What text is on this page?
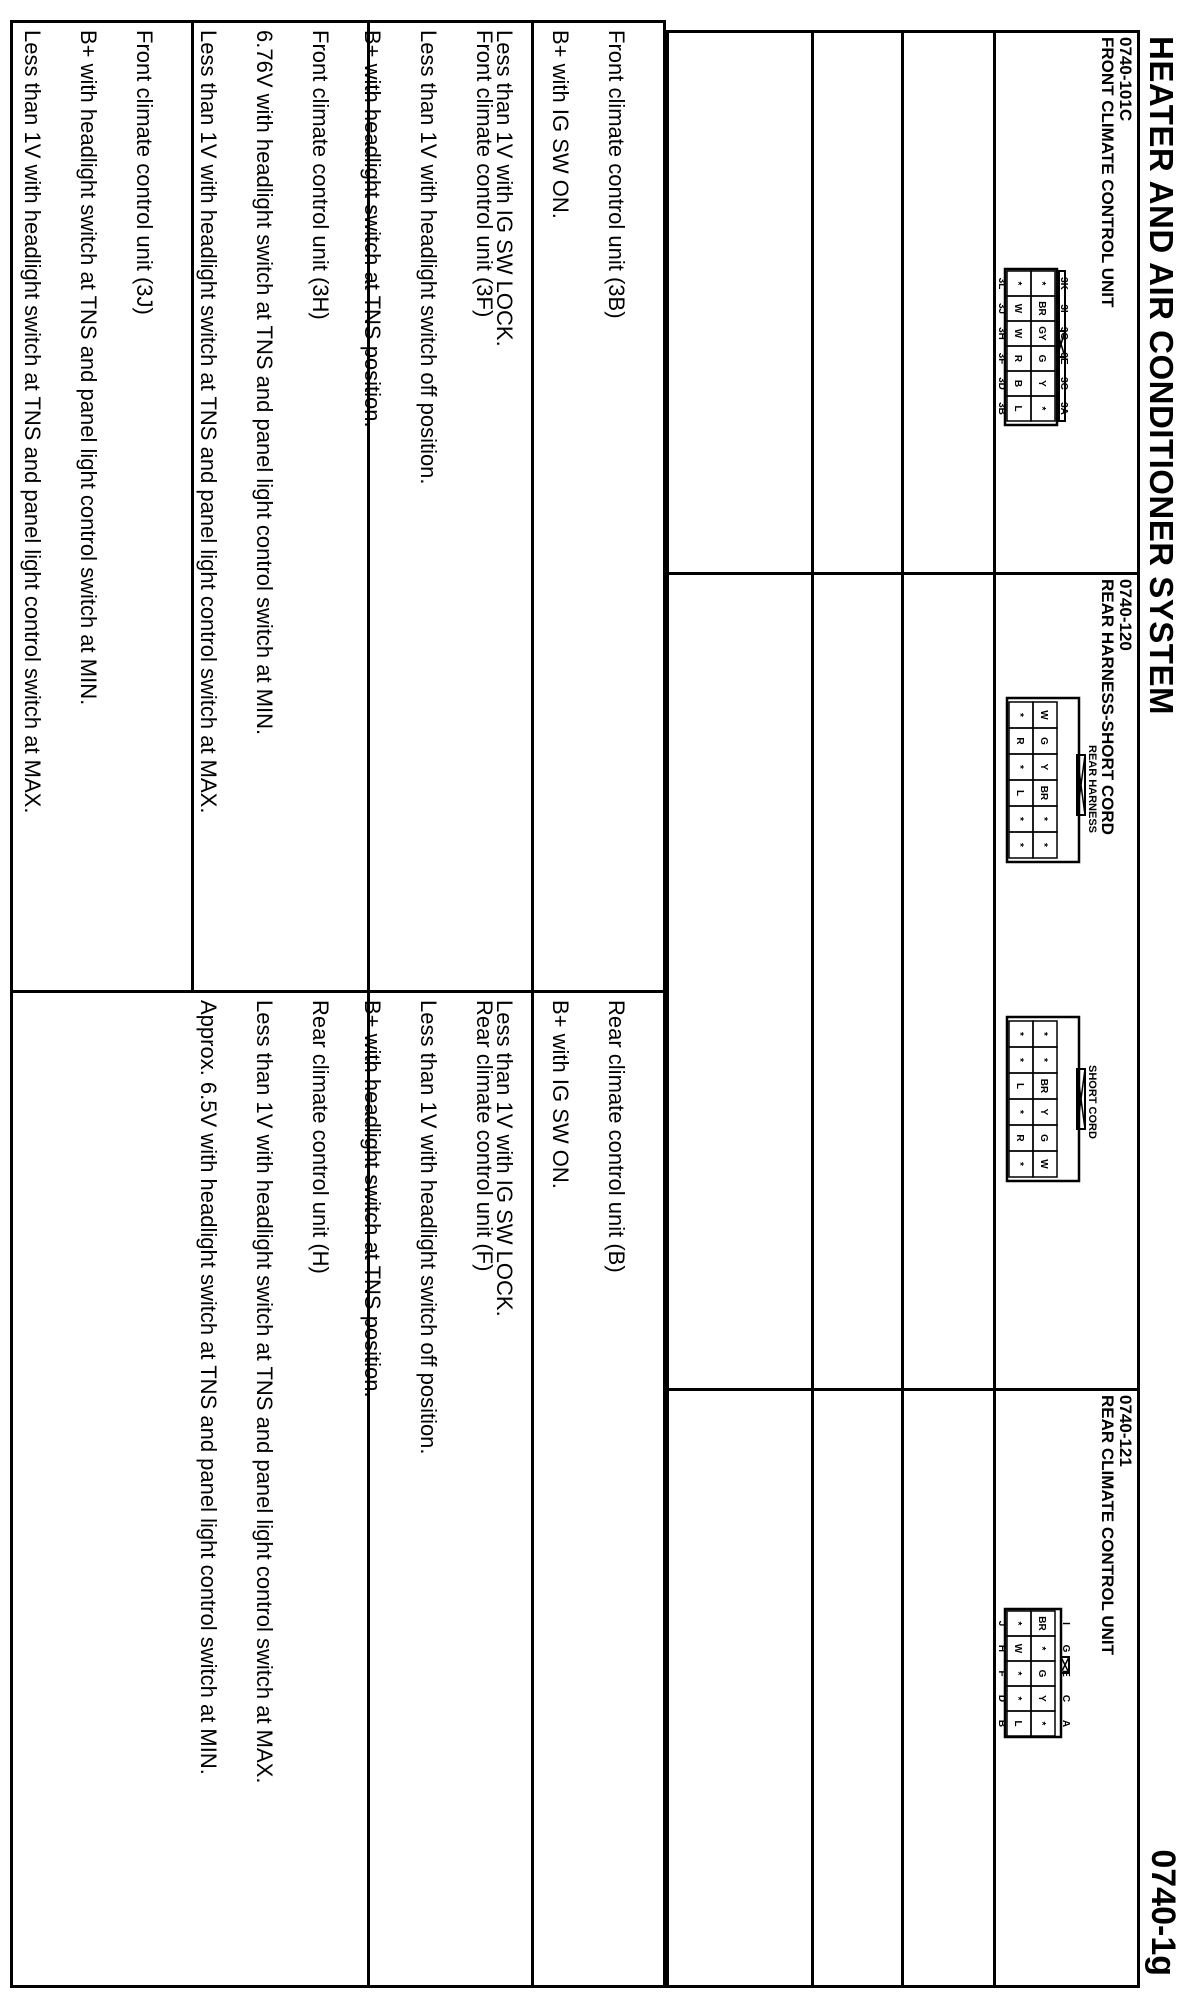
HEATER AND AIR CONDITIONER SYSTEM
0740-1g
0740-101C
FRONT CLIMATE CONTROL UNIT
*
BR
GY
G
Y
*
*
W
W
R
B
L
3K
3I
3G
3E
3C
3A
3L
3J
3H
3F
3D
3B
0740-120
REAR HARNESS-SHORT CORD
REAR HARNESS
W
G
Y
BR
*
*
*
R
*
L
*
*
SHORT CORD
*
*
BR
Y
G
W
*
*
L
*
R
*
0740-121
REAR CLIMATE CONTROL UNIT
BR
*
G
Y
*
*
W
*
*
L
I
G
E
C
A
J
H
F
D
B

Front climate control unit (3B)

B+ with IG SW ON.

Less than 1V with IG SW LOCK.

Front climate control unit (3F)

Less than 1V with headlight switch off position.

B+ with headlight switch at TNS position.

Front climate control unit (3H)

6.76V with headlight switch at TNS and panel light control switch at MIN.

Less than 1V with headlight switch at TNS and panel light control switch at MAX.

Front climate control unit (3J)

B+ with headlight switch at TNS and panel light control switch at MIN.

Less than 1V with headlight switch at TNS and panel light control switch at MAX.

Rear climate control unit (B)

B+ with IG SW ON.

Less than 1V with IG SW LOCK.

Rear climate control unit (F)

Less than 1V with headlight switch off position.

B+ with headlight switch at TNS position.

Rear climate control unit (H)

Less than 1V with headlight switch at TNS and panel light control switch at MAX.

Approx. 6.5V with headlight switch at TNS and panel light control switch at MIN.
